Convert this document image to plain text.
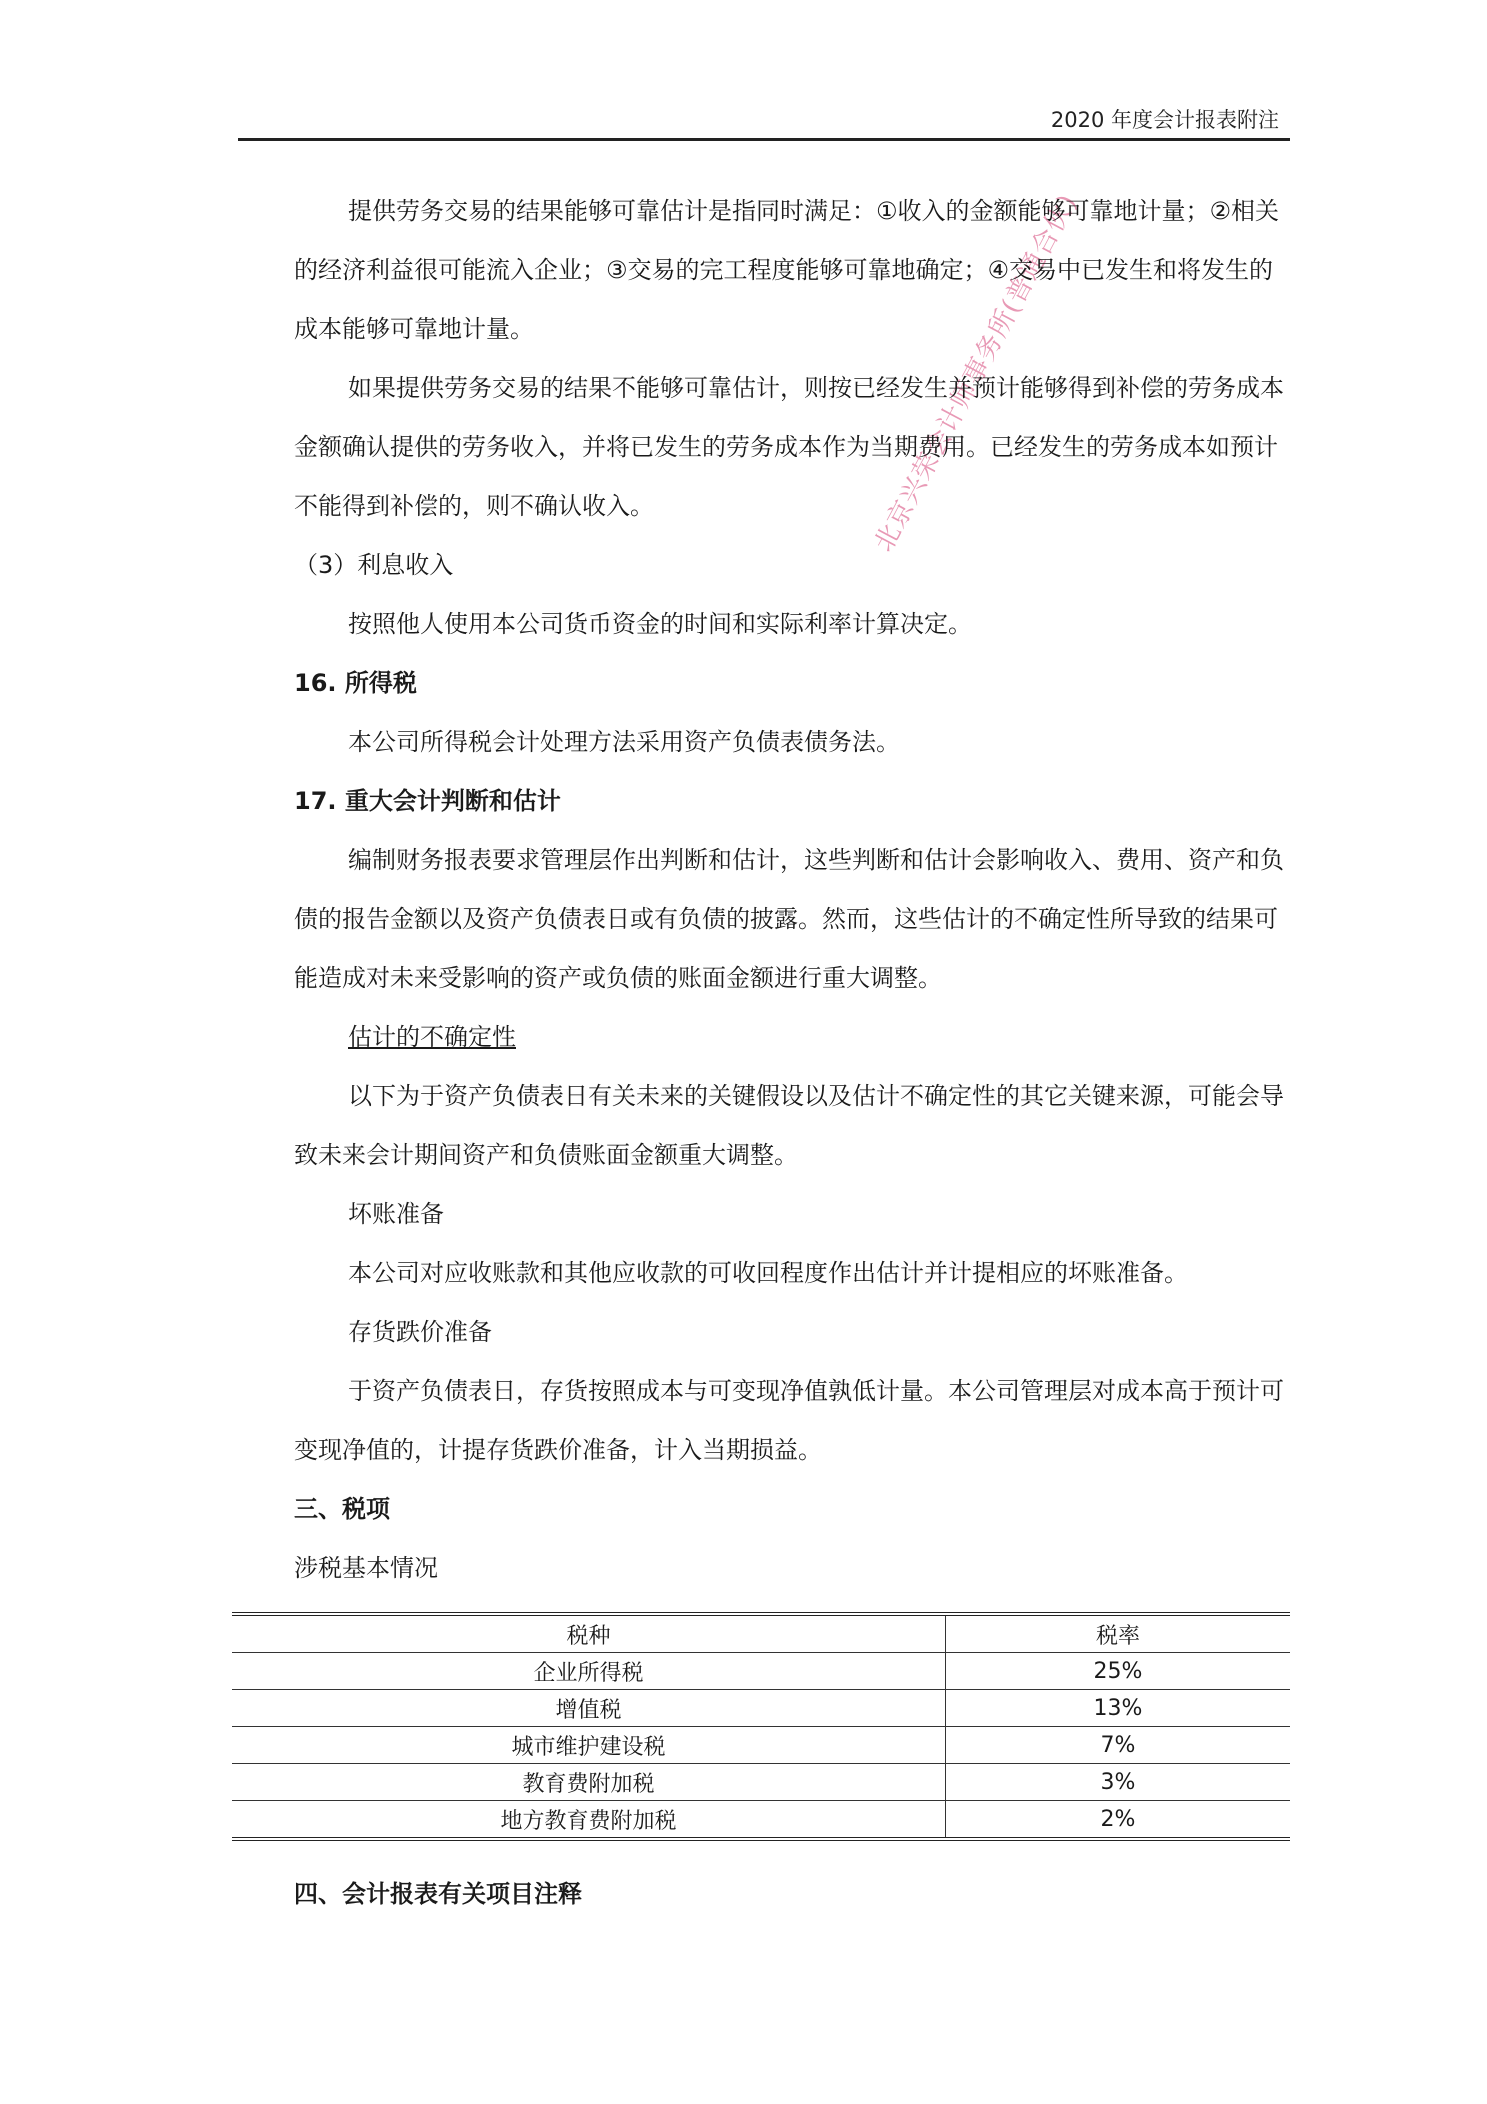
2020 年度会计报表附注
北京兴荣会计师事务所(普通合伙)

提供劳务交易的结果能够可靠估计是指同时满足：①收入的金额能够可靠地计量；②相关的经济利益很可能流入企业；③交易的完工程度能够可靠地确定；④交易中已发生和将发生的成本能够可靠地计量。

如果提供劳务交易的结果不能够可靠估计，则按已经发生并预计能够得到补偿的劳务成本金额确认提供的劳务收入，并将已发生的劳务成本作为当期费用。已经发生的劳务成本如预计不能得到补偿的，则不确认收入。

（3）利息收入

按照他人使用本公司货币资金的时间和实际利率计算决定。

16. 所得税

本公司所得税会计处理方法采用资产负债表债务法。

17. 重大会计判断和估计

编制财务报表要求管理层作出判断和估计，这些判断和估计会影响收入、费用、资产和负债的报告金额以及资产负债表日或有负债的披露。然而，这些估计的不确定性所导致的结果可能造成对未来受影响的资产或负债的账面金额进行重大调整。

估计的不确定性

以下为于资产负债表日有关未来的关键假设以及估计不确定性的其它关键来源，可能会导致未来会计期间资产和负债账面金额重大调整。

坏账准备

本公司对应收账款和其他应收款的可收回程度作出估计并计提相应的坏账准备。

存货跌价准备

于资产负债表日，存货按照成本与可变现净值孰低计量。本公司管理层对成本高于预计可变现净值的，计提存货跌价准备，计入当期损益。

三、税项

涉税基本情况

税种	税率
企业所得税	25%
增值税	13%
城市维护建设税	7%
教育费附加税	3%
地方教育费附加税	2%
四、会计报表有关项目注释
